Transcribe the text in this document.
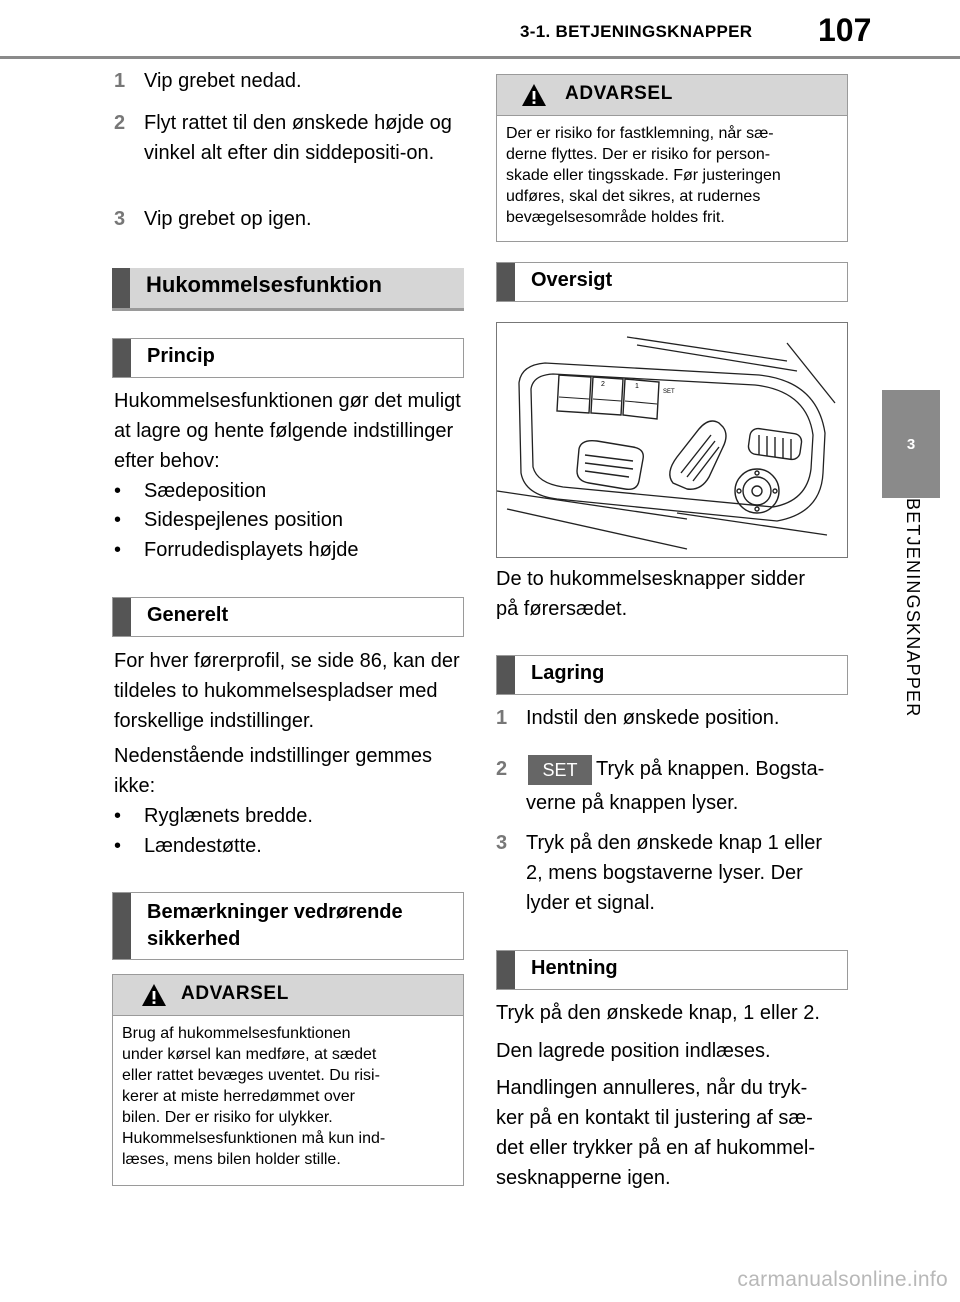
3-1. BETJENINGSKNAPPER 107
3
BETJENINGSKNAPPER
1 Vip grebet nedad.
2 Flyt rattet til den ønskede højde og vinkel alt efter din siddepositi-on.
3 Vip grebet op igen.
Hukommelsesfunktion
Princip
Hukommelsesfunktionen gør det muligt at lagre og hente følgende indstillinger efter behov:
•	Sædeposition
•	Sidespejlenes position
•	Forrudedisplayets højde
Generelt
For hver førerprofil, se side 86, kan der tildeles to hukommelsespladser med forskellige indstillinger.
Nedenstående indstillinger gemmes ikke:
•	Ryglænets bredde.
•	Lændestøtte.
Bemærkninger vedrørende
sikkerhed
ADVARSEL
Brug af hukommelsesfunktionen
under kørsel kan medføre, at sædet
eller rattet bevæges uventet. Du risi-
kerer at miste herredømmet over
bilen. Der er risiko for ulykker.
Hukommelsesfunktionen må kun ind-
læses, mens bilen holder stille.
ADVARSEL
Der er risiko for fastklemning, når sæ-
derne flyttes. Der er risiko for person-
skade eller tingsskade. Før justeringen
udføres, skal det sikres, at rudernes
bevægelsesområde holdes frit.
Oversigt
2	1
SET
De to hukommelsesknapper sidder
på førersædet.
Lagring
1 Indstil den ønskede position.
2	SET Tryk på knappen. Bogsta-
verne på knappen lyser.
3 Tryk på den ønskede knap 1 eller
2, mens bogstaverne lyser. Der
lyder et signal.
Hentning
Tryk på den ønskede knap, 1 eller 2.
Den lagrede position indlæses.
Handlingen annulleres, når du tryk-
ker på en kontakt til justering af sæ-
det eller trykker på en af hukommel-
sesknapperne igen.
carmanualsonline.info
